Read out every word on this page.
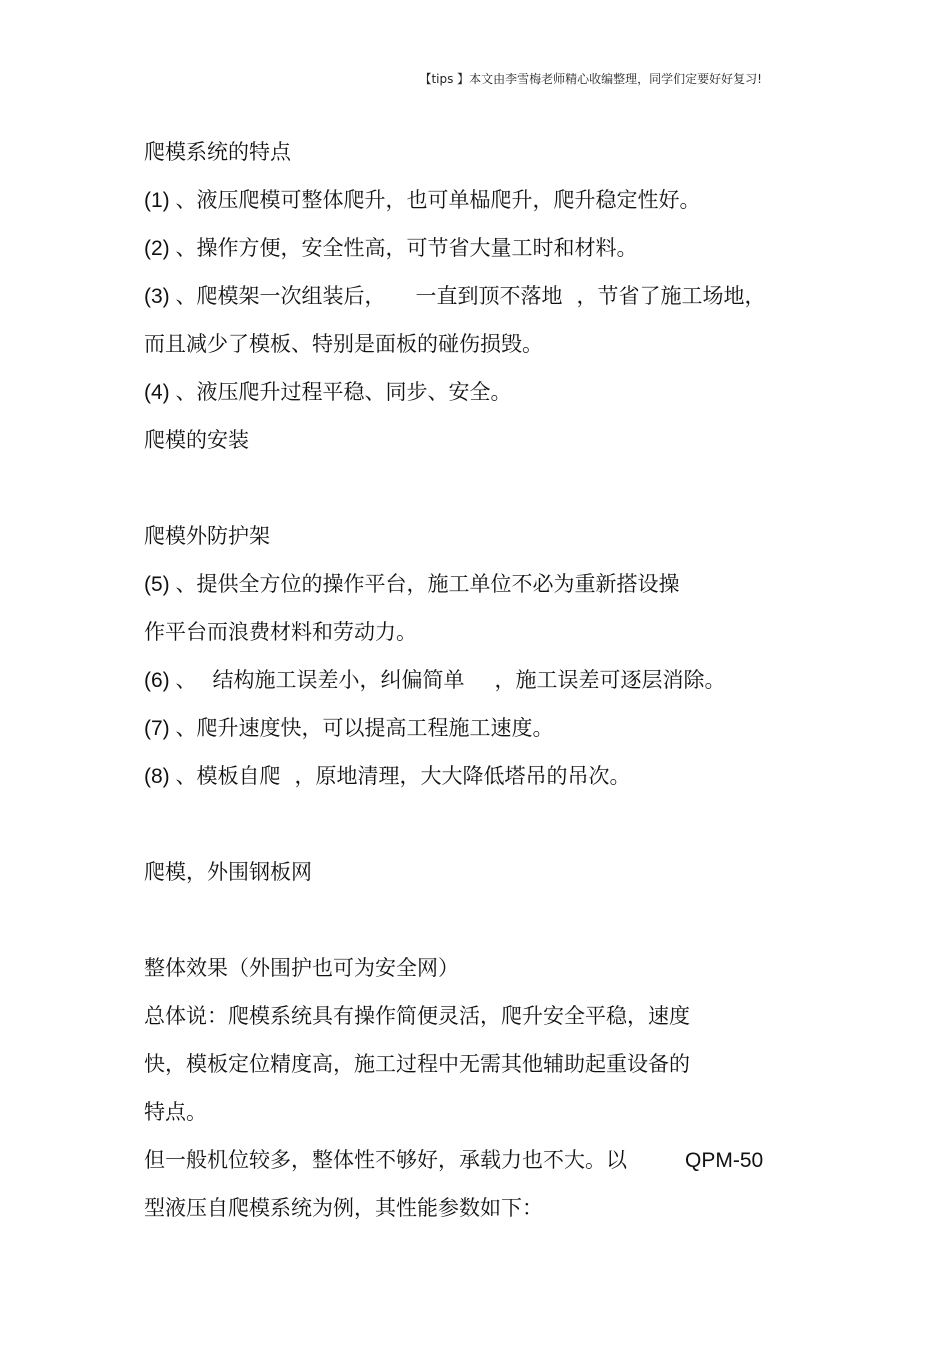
【tips 】本文由李雪梅老师精心收编整理，同学们定要好好复习!
爬模系统的特点
(1) 、液压爬模可整体爬升，也可单榀爬升，爬升稳定性好。
(2) 、操作方便，安全性高，可节省大量工时和材料。
(3) 、爬模架一次组装后， 一直到顶不落地 ，节省了施工场地，
而且减少了模板、特别是面板的碰伤损毁。
(4) 、液压爬升过程平稳、同步、安全。
爬模的安装
爬模外防护架
(5) 、提供全方位的操作平台，施工单位不必为重新搭设操
作平台而浪费材料和劳动力。
(6) 、 结构施工误差小，纠偏简单 ，施工误差可逐层消除。
(7) 、爬升速度快，可以提高工程施工速度。
(8) 、模板自爬 ，原地清理，大大降低塔吊的吊次。
爬模，外围钢板网
整体效果（外围护也可为安全网）
总体说：爬模系统具有操作简便灵活，爬升安全平稳，速度
快，模板定位精度高，施工过程中无需其他辅助起重设备的
特点。
但一般机位较多，整体性不够好，承载力也不大。以	QPM-50
型液压自爬模系统为例，其性能参数如下：
